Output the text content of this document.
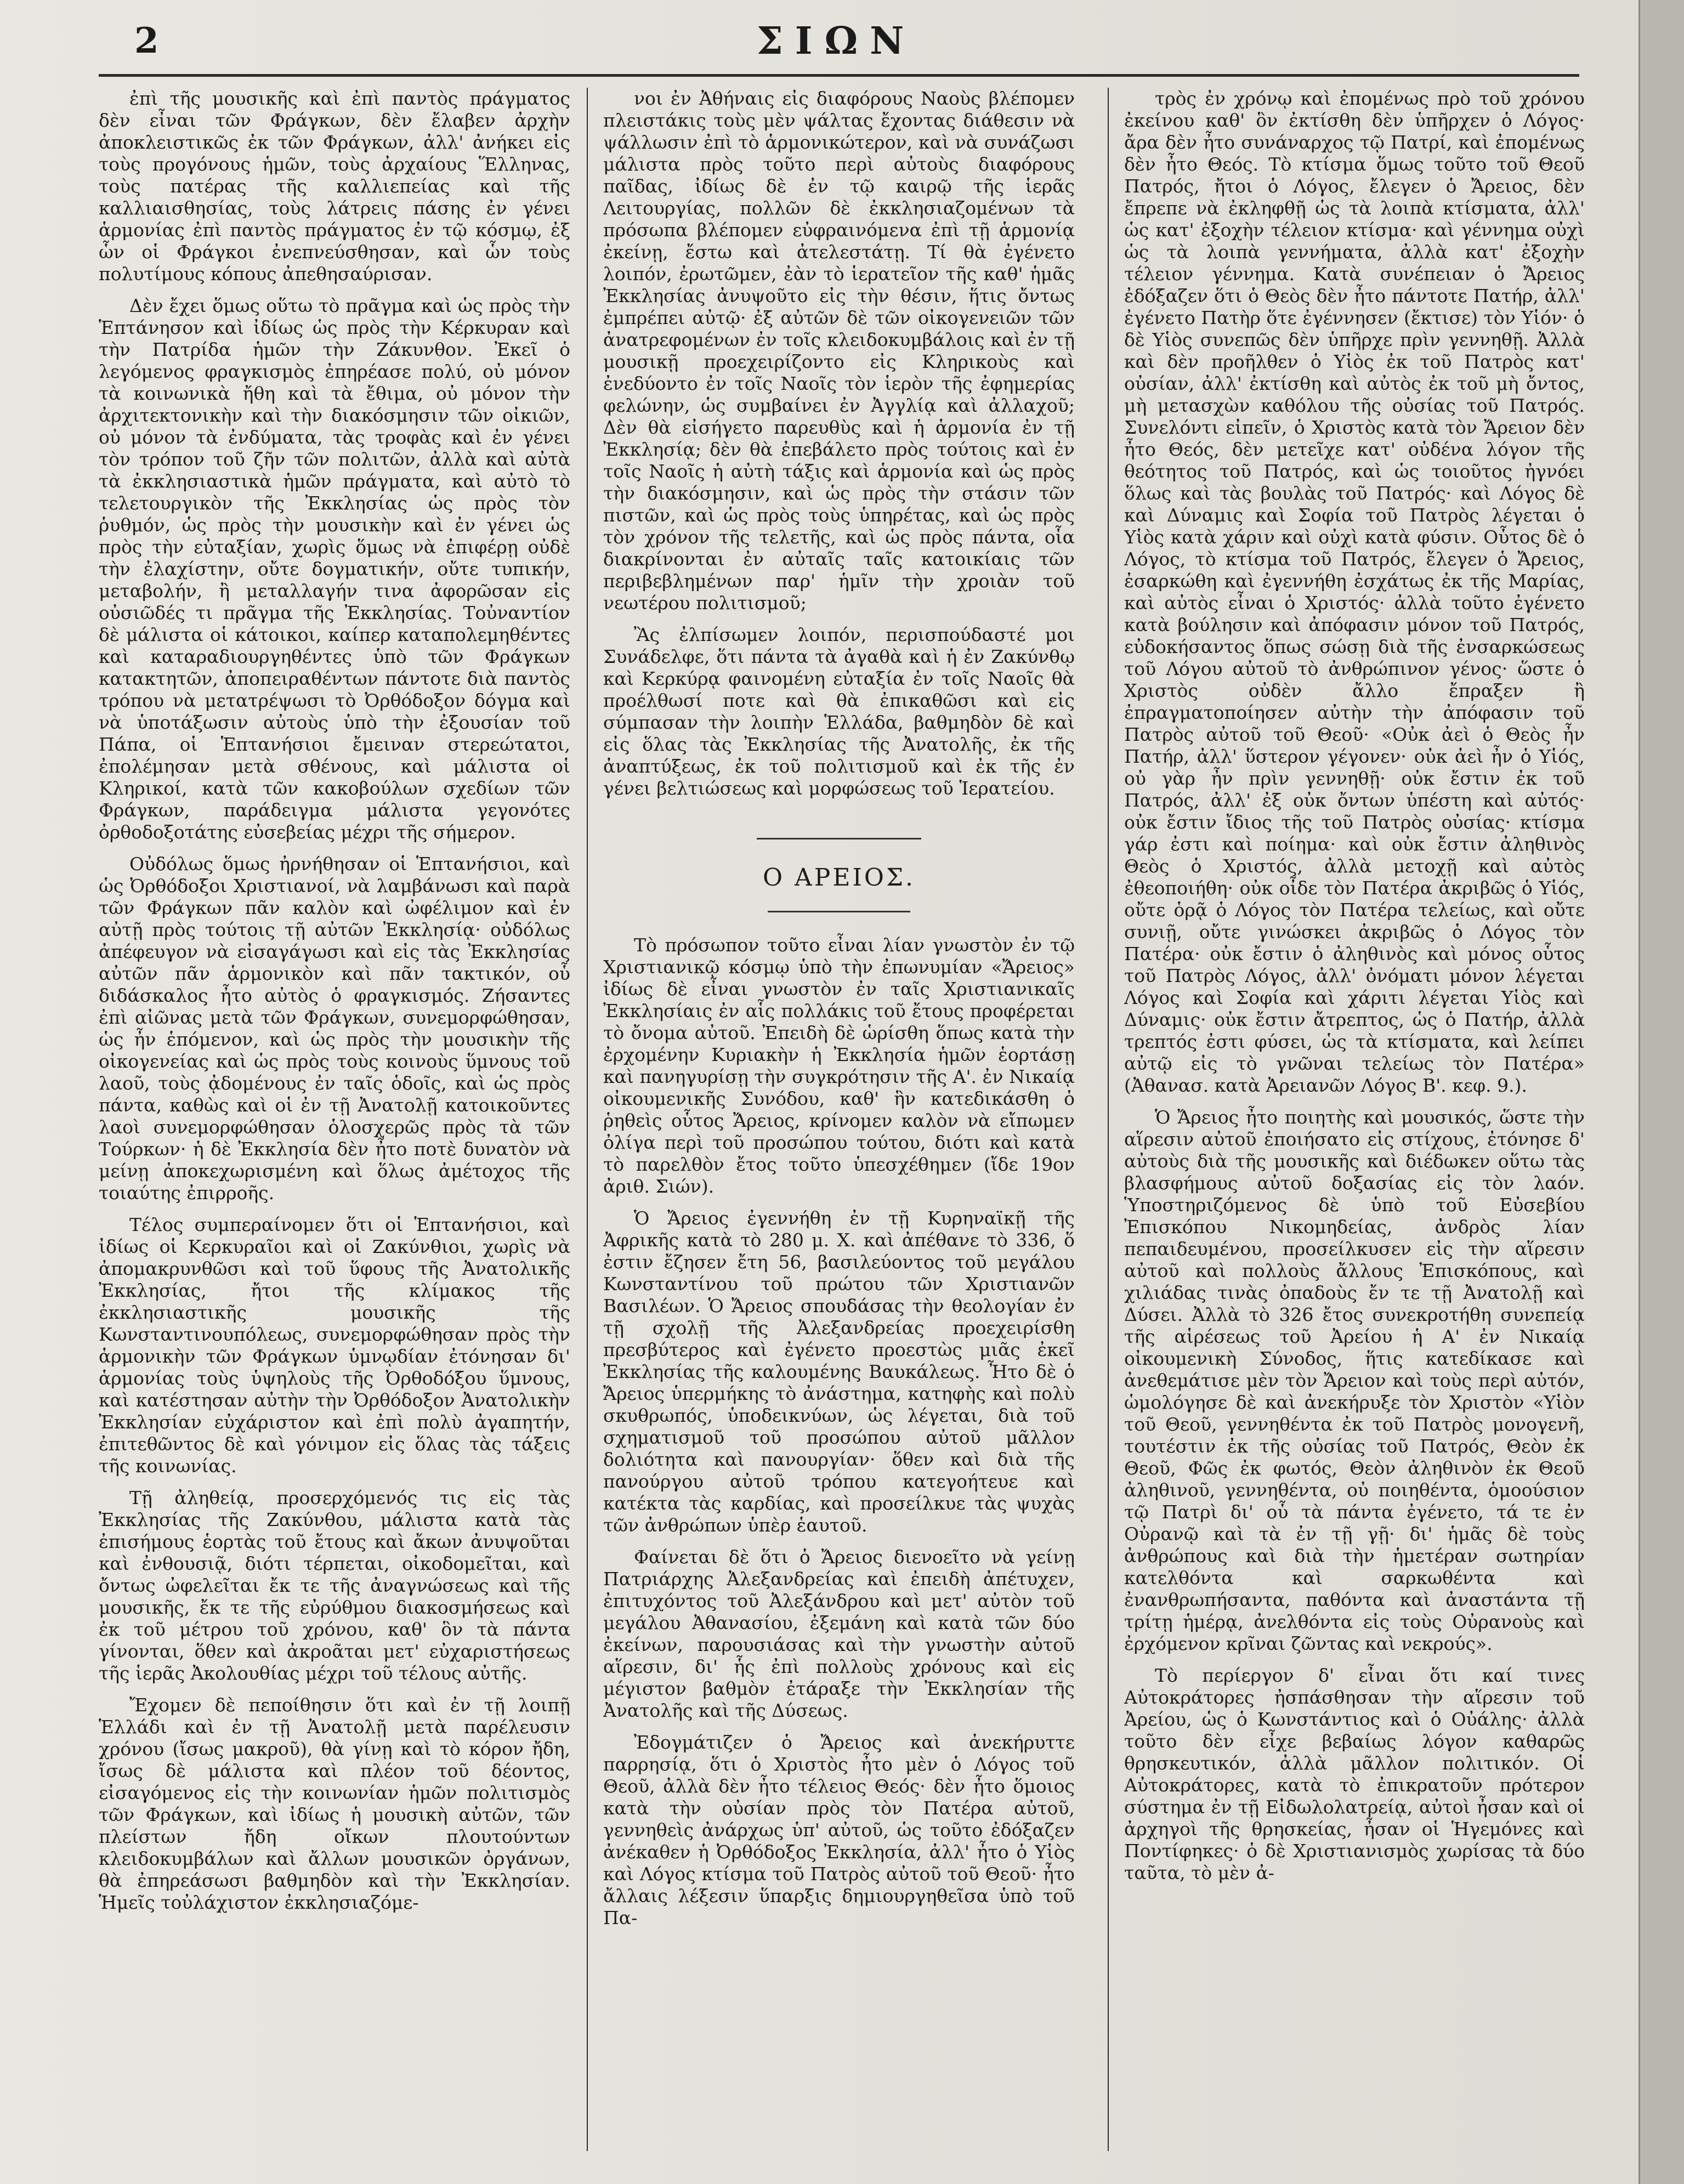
2	ΣΙΩΝ

ἐπὶ τῆς μουσικῆς καὶ ἐπὶ παντὸς πράγματος δὲν εἶναι τῶν Φράγκων, δὲν ἔλαβεν ἀρχὴν ἀποκλειστικῶς ἐκ τῶν Φράγκων, ἀλλ' ἀνήκει εἰς τοὺς προγόνους ἡμῶν, τοὺς ἀρχαίους Ἕλληνας, τοὺς πατέρας τῆς καλλιεπείας καὶ τῆς καλλιαισθησίας, τοὺς λάτρεις πάσης ἐν γένει ἁρμονίας ἐπὶ παντὸς πράγματος ἐν τῷ κόσμῳ, ἐξ ὧν οἱ Φράγκοι ἐνεπνεύσθησαν, καὶ ὧν τοὺς πολυτίμους κόπους ἀπεθησαύρισαν.

Δὲν ἔχει ὅμως οὕτω τὸ πρᾶγμα καὶ ὡς πρὸς τὴν Ἑπτάνησον καὶ ἰδίως ὡς πρὸς τὴν Κέρκυραν καὶ τὴν Πατρίδα ἡμῶν τὴν Ζάκυνθον. Ἐκεῖ ὁ λεγόμενος φραγκισμὸς ἐπηρέασε πολύ, οὐ μόνον τὰ κοινωνικὰ ἤθη καὶ τὰ ἔθιμα, οὐ μόνον τὴν ἀρχιτεκτονικὴν καὶ τὴν διακόσμησιν τῶν οἰκιῶν, οὐ μόνον τὰ ἐνδύματα, τὰς τροφὰς καὶ ἐν γένει τὸν τρόπον τοῦ ζῆν τῶν πολιτῶν, ἀλλὰ καὶ αὐτὰ τὰ ἐκκλησιαστικὰ ἡμῶν πράγματα, καὶ αὐτὸ τὸ τελετουργικὸν τῆς Ἐκκλησίας ὡς πρὸς τὸν ῥυθμόν, ὡς πρὸς τὴν μουσικὴν καὶ ἐν γένει ὡς πρὸς τὴν εὐταξίαν, χωρὶς ὅμως νὰ ἐπιφέρῃ οὐδὲ τὴν ἐλαχίστην, οὔτε δογματικήν, οὔτε τυπικήν, μεταβολήν, ἢ μεταλλαγήν τινα ἀφορῶσαν εἰς οὐσιῶδές τι πρᾶγμα τῆς Ἐκκλησίας. Τοὐναντίον δὲ μάλιστα οἱ κάτοικοι, καίπερ καταπολεμηθέντες καὶ καταραδιουργηθέντες ὑπὸ τῶν Φράγκων κατακτητῶν, ἀποπειραθέντων πάντοτε διὰ παντὸς τρόπου νὰ μετατρέψωσι τὸ Ὀρθόδοξον δόγμα καὶ νὰ ὑποτάξωσιν αὐτοὺς ὑπὸ τὴν ἐξουσίαν τοῦ Πάπα, οἱ Ἑπτανήσιοι ἔμειναν στερεώτατοι, ἐπολέμησαν μετὰ σθένους, καὶ μάλιστα οἱ Κληρικοί, κατὰ τῶν κακοβούλων σχεδίων τῶν Φράγκων, παράδειγμα μάλιστα γεγονότες ὀρθοδοξοτάτης εὐσεβείας μέχρι τῆς σήμερον.

Οὐδόλως ὅμως ἠρνήθησαν οἱ Ἑπτανήσιοι, καὶ ὡς Ὀρθόδοξοι Χριστιανοί, νὰ λαμβάνωσι καὶ παρὰ τῶν Φράγκων πᾶν καλὸν καὶ ὠφέλιμον καὶ ἐν αὐτῇ πρὸς τούτοις τῇ αὐτῶν Ἐκκλησίᾳ· οὐδόλως ἀπέφευγον νὰ εἰσαγάγωσι καὶ εἰς τὰς Ἐκκλησίας αὐτῶν πᾶν ἁρμονικὸν καὶ πᾶν τακτικόν, οὗ διδάσκαλος ἦτο αὐτὸς ὁ φραγκισμός. Ζήσαντες ἐπὶ αἰῶνας μετὰ τῶν Φράγκων, συνεμορφώθησαν, ὡς ἦν ἑπόμενον, καὶ ὡς πρὸς τὴν μουσικὴν τῆς οἰκογενείας καὶ ὡς πρὸς τοὺς κοινοὺς ὕμνους τοῦ λαοῦ, τοὺς ᾀδομένους ἐν ταῖς ὁδοῖς, καὶ ὡς πρὸς πάντα, καθὼς καὶ οἱ ἐν τῇ Ἀνατολῇ κατοικοῦντες λαοὶ συνεμορφώθησαν ὁλοσχερῶς πρὸς τὰ τῶν Τούρκων· ἡ δὲ Ἐκκλησία δὲν ἦτο ποτὲ δυνατὸν νὰ μείνῃ ἀποκεχωρισμένη καὶ ὅλως ἀμέτοχος τῆς τοιαύτης ἐπιρροῆς.

Τέλος συμπεραίνομεν ὅτι οἱ Ἑπτανήσιοι, καὶ ἰδίως οἱ Κερκυραῖοι καὶ οἱ Ζακύνθιοι, χωρὶς νὰ ἀπομακρυνθῶσι καὶ τοῦ ὕφους τῆς Ἀνατολικῆς Ἐκκλησίας, ἤτοι τῆς κλίμακος τῆς ἐκκλησιαστικῆς μουσικῆς τῆς Κωνσταντινουπόλεως, συνεμορφώθησαν πρὸς τὴν ἁρμονικὴν τῶν Φράγκων ὑμνῳδίαν ἐτόνησαν δι' ἁρμονίας τοὺς ὑψηλοὺς τῆς Ὀρθοδόξου ὕμνους, καὶ κατέστησαν αὐτὴν τὴν Ὀρθόδοξον Ἀνατολικὴν Ἐκκλησίαν εὐχάριστον καὶ ἐπὶ πολὺ ἀγαπητήν, ἐπιτεθῶντος δὲ καὶ γόνιμον εἰς ὅλας τὰς τάξεις τῆς κοινωνίας.

Τῇ ἀληθείᾳ, προσερχόμενός τις εἰς τὰς Ἐκκλησίας τῆς Ζακύνθου, μάλιστα κατὰ τὰς ἐπισήμους ἑορτὰς τοῦ ἔτους καὶ ἄκων ἀνυψοῦται καὶ ἐνθουσιᾷ, διότι τέρπεται, οἰκοδομεῖται, καὶ ὄντως ὠφελεῖται ἔκ τε τῆς ἀναγνώσεως καὶ τῆς μουσικῆς, ἔκ τε τῆς εὐρύθμου διακοσμήσεως καὶ ἐκ τοῦ μέτρου τοῦ χρόνου, καθ' ὃν τὰ πάντα γίνονται, ὅθεν καὶ ἀκροᾶται μετ' εὐχαριστήσεως τῆς ἱερᾶς Ἀκολουθίας μέχρι τοῦ τέλους αὐτῆς.

Ἔχομεν δὲ πεποίθησιν ὅτι καὶ ἐν τῇ λοιπῇ Ἑλλάδι καὶ ἐν τῇ Ἀνατολῇ μετὰ παρέλευσιν χρόνου (ἴσως μακροῦ), θὰ γίνῃ καὶ τὸ κόρον ἤδη, ἴσως δὲ μάλιστα καὶ πλέον τοῦ δέοντος, εἰσαγόμενος εἰς τὴν κοινωνίαν ἡμῶν πολιτισμὸς τῶν Φράγκων, καὶ ἰδίως ἡ μουσικὴ αὐτῶν, τῶν πλείστων ἤδη οἴκων πλουτούντων κλειδοκυμβάλων καὶ ἄλλων μουσικῶν ὀργάνων, θὰ ἐπηρεάσωσι βαθμηδὸν καὶ τὴν Ἐκκλησίαν. Ἡμεῖς τοὐλάχιστον ἐκκλησιαζόμε-

νοι ἐν Ἀθήναις εἰς διαφόρους Ναοὺς βλέπομεν πλειστάκις τοὺς μὲν ψάλτας ἔχοντας διάθεσιν νὰ ψάλλωσιν ἐπὶ τὸ ἁρμονικώτερον, καὶ νὰ συνάζωσι μάλιστα πρὸς τοῦτο περὶ αὐτοὺς διαφόρους παῖδας, ἰδίως δὲ ἐν τῷ καιρῷ τῆς ἱερᾶς Λειτουργίας, πολλῶν δὲ ἐκκλησιαζομένων τὰ πρόσωπα βλέπομεν εὐφραινόμενα ἐπὶ τῇ ἁρμονίᾳ ἐκείνῃ, ἔστω καὶ ἀτελεστάτῃ. Τί θὰ ἐγένετο λοιπόν, ἐρωτῶμεν, ἐὰν τὸ ἱερατεῖον τῆς καθ' ἡμᾶς Ἐκκλησίας ἀνυψοῦτο εἰς τὴν θέσιν, ἥτις ὄντως ἐμπρέπει αὐτῷ· ἐξ αὐτῶν δὲ τῶν οἰκογενειῶν τῶν ἀνατρεφομένων ἐν τοῖς κλειδοκυμβάλοις καὶ ἐν τῇ μουσικῇ προεχειρίζοντο εἰς Κληρικοὺς καὶ ἐνεδύοντο ἐν τοῖς Ναοῖς τὸν ἱερὸν τῆς ἐφημερίας φελώνην, ὡς συμβαίνει ἐν Ἀγγλίᾳ καὶ ἀλλαχοῦ; Δὲν θὰ εἰσήγετο παρευθὺς καὶ ἡ ἁρμονία ἐν τῇ Ἐκκλησίᾳ; δὲν θὰ ἐπεβάλετο πρὸς τούτοις καὶ ἐν τοῖς Ναοῖς ἡ αὐτὴ τάξις καὶ ἁρμονία καὶ ὡς πρὸς τὴν διακόσμησιν, καὶ ὡς πρὸς τὴν στάσιν τῶν πιστῶν, καὶ ὡς πρὸς τοὺς ὑπηρέτας, καὶ ὡς πρὸς τὸν χρόνον τῆς τελετῆς, καὶ ὡς πρὸς πάντα, οἷα διακρίνονται ἐν αὐταῖς ταῖς κατοικίαις τῶν περιβεβλημένων παρ' ἡμῖν τὴν χροιὰν τοῦ νεωτέρου πολιτισμοῦ;

Ἂς ἐλπίσωμεν λοιπόν, περισπούδαστέ μοι Συνάδελφε, ὅτι πάντα τὰ ἀγαθὰ καὶ ἡ ἐν Ζακύνθῳ καὶ Κερκύρᾳ φαινομένη εὐταξία ἐν τοῖς Ναοῖς θὰ προέλθωσί ποτε καὶ θὰ ἐπικαθῶσι καὶ εἰς σύμπασαν τὴν λοιπὴν Ἑλλάδα, βαθμηδὸν δὲ καὶ εἰς ὅλας τὰς Ἐκκλησίας τῆς Ἀνατολῆς, ἐκ τῆς ἀναπτύξεως, ἐκ τοῦ πολιτισμοῦ καὶ ἐκ τῆς ἐν γένει βελτιώσεως καὶ μορφώσεως τοῦ Ἱερατείου.

Ο ΑΡΕΙΟΣ.

Τὸ πρόσωπον τοῦτο εἶναι λίαν γνωστὸν ἐν τῷ Χριστιανικῷ κόσμῳ ὑπὸ τὴν ἐπωνυμίαν «Ἄρειος» ἰδίως δὲ εἶναι γνωστὸν ἐν ταῖς Χριστιανικαῖς Ἐκκλησίαις ἐν αἷς πολλάκις τοῦ ἔτους προφέρεται τὸ ὄνομα αὐτοῦ. Ἐπειδὴ δὲ ὡρίσθη ὅπως κατὰ τὴν ἐρχομένην Κυριακὴν ἡ Ἐκκλησία ἡμῶν ἑορτάσῃ καὶ πανηγυρίσῃ τὴν συγκρότησιν τῆς Α'. ἐν Νικαίᾳ οἰκουμενικῆς Συνόδου, καθ' ἣν κατεδικάσθη ὁ ῥηθεὶς οὗτος Ἄρειος, κρίνομεν καλὸν νὰ εἴπωμεν ὀλίγα περὶ τοῦ προσώπου τούτου, διότι καὶ κατὰ τὸ παρελθὸν ἔτος τοῦτο ὑπεσχέθημεν (ἴδε 19ον ἀριθ. Σιών).

Ὁ Ἄρειος ἐγεννήθη ἐν τῇ Κυρηναϊκῇ τῆς Ἀφρικῆς κατὰ τὸ 280 μ. Χ. καὶ ἀπέθανε τὸ 336, ὅ ἐστιν ἔζησεν ἔτη 56, βασιλεύοντος τοῦ μεγάλου Κωνσταντίνου τοῦ πρώτου τῶν Χριστιανῶν Βασιλέων. Ὁ Ἄρειος σπουδάσας τὴν θεολογίαν ἐν τῇ σχολῇ τῆς Ἀλεξανδρείας προεχειρίσθη πρεσβύτερος καὶ ἐγένετο προεστὼς μιᾶς ἐκεῖ Ἐκκλησίας τῆς καλουμένης Βαυκάλεως. Ἦτο δὲ ὁ Ἄρειος ὑπερμήκης τὸ ἀνάστημα, κατηφὴς καὶ πολὺ σκυθρωπός, ὑποδεικνύων, ὡς λέγεται, διὰ τοῦ σχηματισμοῦ τοῦ προσώπου αὐτοῦ μᾶλλον δολιότητα καὶ πανουργίαν· ὅθεν καὶ διὰ τῆς πανούργου αὐτοῦ τρόπου κατεγοήτευε καὶ κατέκτα τὰς καρδίας, καὶ προσείλκυε τὰς ψυχὰς τῶν ἀνθρώπων ὑπὲρ ἑαυτοῦ.

Φαίνεται δὲ ὅτι ὁ Ἄρειος διενοεῖτο νὰ γείνῃ Πατριάρχης Ἀλεξανδρείας καὶ ἐπειδὴ ἀπέτυχεν, ἐπιτυχόντος τοῦ Ἀλεξάνδρου καὶ μετ' αὐτὸν τοῦ μεγάλου Ἀθανασίου, ἐξεμάνη καὶ κατὰ τῶν δύο ἐκείνων, παρουσιάσας καὶ τὴν γνωστὴν αὐτοῦ αἵρεσιν, δι' ἧς ἐπὶ πολλοὺς χρόνους καὶ εἰς μέγιστον βαθμὸν ἐτάραξε τὴν Ἐκκλησίαν τῆς Ἀνατολῆς καὶ τῆς Δύσεως.

Ἐδογμάτιζεν ὁ Ἄρειος καὶ ἀνεκήρυττε παρρησίᾳ, ὅτι ὁ Χριστὸς ἦτο μὲν ὁ Λόγος τοῦ Θεοῦ, ἀλλὰ δὲν ἦτο τέλειος Θεός· δὲν ἦτο ὅμοιος κατὰ τὴν οὐσίαν πρὸς τὸν Πατέρα αὐτοῦ, γεννηθεὶς ἀνάρχως ὑπ' αὐτοῦ, ὡς τοῦτο ἐδόξαζεν ἀνέκαθεν ἡ Ὀρθόδοξος Ἐκκλησία, ἀλλ' ἦτο ὁ Υἱὸς καὶ Λόγος κτίσμα τοῦ Πατρὸς αὐτοῦ τοῦ Θεοῦ· ἦτο ἄλλαις λέξεσιν ὕπαρξις δημιουργηθεῖσα ὑπὸ τοῦ Πα-

τρὸς ἐν χρόνῳ καὶ ἐπομένως πρὸ τοῦ χρόνου ἐκείνου καθ' ὃν ἐκτίσθη δὲν ὑπῆρχεν ὁ Λόγος· ἄρα δὲν ἦτο συνάναρχος τῷ Πατρί, καὶ ἐπομένως δὲν ἦτο Θεός. Τὸ κτίσμα ὅμως τοῦτο τοῦ Θεοῦ Πατρός, ἤτοι ὁ Λόγος, ἔλεγεν ὁ Ἄρειος, δὲν ἔπρεπε νὰ ἐκληφθῇ ὡς τὰ λοιπὰ κτίσματα, ἀλλ' ὡς κατ' ἐξοχὴν τέλειον κτίσμα· καὶ γέννημα οὐχὶ ὡς τὰ λοιπὰ γεννήματα, ἀλλὰ κατ' ἐξοχὴν τέλειον γέννημα. Κατὰ συνέπειαν ὁ Ἄρειος ἐδόξαζεν ὅτι ὁ Θεὸς δὲν ἦτο πάντοτε Πατήρ, ἀλλ' ἐγένετο Πατὴρ ὅτε ἐγέννησεν (ἔκτισε) τὸν Υἱόν· ὁ δὲ Υἱὸς συνεπῶς δὲν ὑπῆρχε πρὶν γεννηθῇ. Ἀλλὰ καὶ δὲν προῆλθεν ὁ Υἱὸς ἐκ τοῦ Πατρὸς κατ' οὐσίαν, ἀλλ' ἐκτίσθη καὶ αὐτὸς ἐκ τοῦ μὴ ὄντος, μὴ μετασχὼν καθόλου τῆς οὐσίας τοῦ Πατρός. Συνελόντι εἰπεῖν, ὁ Χριστὸς κατὰ τὸν Ἄρειον δὲν ἦτο Θεός, δὲν μετεῖχε κατ' οὐδένα λόγον τῆς θεότητος τοῦ Πατρός, καὶ ὡς τοιοῦτος ἠγνόει ὅλως καὶ τὰς βουλὰς τοῦ Πατρός· καὶ Λόγος δὲ καὶ Δύναμις καὶ Σοφία τοῦ Πατρὸς λέγεται ὁ Υἱὸς κατὰ χάριν καὶ οὐχὶ κατὰ φύσιν. Οὗτος δὲ ὁ Λόγος, τὸ κτίσμα τοῦ Πατρός, ἔλεγεν ὁ Ἄρειος, ἐσαρκώθη καὶ ἐγεννήθη ἐσχάτως ἐκ τῆς Μαρίας, καὶ αὐτὸς εἶναι ὁ Χριστός· ἀλλὰ τοῦτο ἐγένετο κατὰ βούλησιν καὶ ἀπόφασιν μόνον τοῦ Πατρός, εὐδοκήσαντος ὅπως σώσῃ διὰ τῆς ἐνσαρκώσεως τοῦ Λόγου αὐτοῦ τὸ ἀνθρώπινον γένος· ὥστε ὁ Χριστὸς οὐδὲν ἄλλο ἔπραξεν ἢ ἐπραγματοποίησεν αὐτὴν τὴν ἀπόφασιν τοῦ Πατρὸς αὐτοῦ τοῦ Θεοῦ· «Οὐκ ἀεὶ ὁ Θεὸς ἦν Πατήρ, ἀλλ' ὕστερον γέγονεν· οὐκ ἀεὶ ἦν ὁ Υἱός, οὐ γὰρ ἦν πρὶν γεννηθῇ· οὐκ ἔστιν ἐκ τοῦ Πατρός, ἀλλ' ἐξ οὐκ ὄντων ὑπέστη καὶ αὐτός· οὐκ ἔστιν ἴδιος τῆς τοῦ Πατρὸς οὐσίας· κτίσμα γάρ ἐστι καὶ ποίημα· καὶ οὐκ ἔστιν ἀληθινὸς Θεὸς ὁ Χριστός, ἀλλὰ μετοχῇ καὶ αὐτὸς ἐθεοποιήθη· οὐκ οἶδε τὸν Πατέρα ἀκριβῶς ὁ Υἱός, οὔτε ὁρᾷ ὁ Λόγος τὸν Πατέρα τελείως, καὶ οὔτε συνιῇ, οὔτε γινώσκει ἀκριβῶς ὁ Λόγος τὸν Πατέρα· οὐκ ἔστιν ὁ ἀληθινὸς καὶ μόνος οὗτος τοῦ Πατρὸς Λόγος, ἀλλ' ὀνόματι μόνον λέγεται Λόγος καὶ Σοφία καὶ χάριτι λέγεται Υἱὸς καὶ Δύναμις· οὐκ ἔστιν ἄτρεπτος, ὡς ὁ Πατήρ, ἀλλὰ τρεπτός ἐστι φύσει, ὡς τὰ κτίσματα, καὶ λείπει αὐτῷ εἰς τὸ γνῶναι τελείως τὸν Πατέρα» (Ἀθανασ. κατὰ Ἀρειανῶν Λόγος Β'. κεφ. 9.).

Ὁ Ἄρειος ἦτο ποιητὴς καὶ μουσικός, ὥστε τὴν αἵρεσιν αὐτοῦ ἐποιήσατο εἰς στίχους, ἐτόνησε δ' αὐτοὺς διὰ τῆς μουσικῆς καὶ διέδωκεν οὕτω τὰς βλασφήμους αὐτοῦ δοξασίας εἰς τὸν λαόν. Ὑποστηριζόμενος δὲ ὑπὸ τοῦ Εὐσεβίου Ἐπισκόπου Νικομηδείας, ἀνδρὸς λίαν πεπαιδευμένου, προσείλκυσεν εἰς τὴν αἵρεσιν αὐτοῦ καὶ πολλοὺς ἄλλους Ἐπισκόπους, καὶ χιλιάδας τινὰς ὀπαδοὺς ἔν τε τῇ Ἀνατολῇ καὶ Δύσει. Ἀλλὰ τὸ 326 ἔτος συνεκροτήθη συνεπείᾳ τῆς αἱρέσεως τοῦ Ἀρείου ἡ Α' ἐν Νικαίᾳ οἰκουμενικὴ Σύνοδος, ἥτις κατεδίκασε καὶ ἀνεθεμάτισε μὲν τὸν Ἄρειον καὶ τοὺς περὶ αὐτόν, ὡμολόγησε δὲ καὶ ἀνεκήρυξε τὸν Χριστὸν «Υἱὸν τοῦ Θεοῦ, γεννηθέντα ἐκ τοῦ Πατρὸς μονογενῆ, τουτέστιν ἐκ τῆς οὐσίας τοῦ Πατρός, Θεὸν ἐκ Θεοῦ, Φῶς ἐκ φωτός, Θεὸν ἀληθινὸν ἐκ Θεοῦ ἀληθινοῦ, γεννηθέντα, οὐ ποιηθέντα, ὁμοούσιον τῷ Πατρὶ δι' οὗ τὰ πάντα ἐγένετο, τά τε ἐν Οὐρανῷ καὶ τὰ ἐν τῇ γῇ· δι' ἡμᾶς δὲ τοὺς ἀνθρώπους καὶ διὰ τὴν ἡμετέραν σωτηρίαν κατελθόντα καὶ σαρκωθέντα καὶ ἐνανθρωπήσαντα, παθόντα καὶ ἀναστάντα τῇ τρίτῃ ἡμέρᾳ, ἀνελθόντα εἰς τοὺς Οὐρανοὺς καὶ ἐρχόμενον κρῖναι ζῶντας καὶ νεκρούς».

Τὸ περίεργον δ' εἶναι ὅτι καί τινες Αὐτοκράτορες ἠσπάσθησαν τὴν αἵρεσιν τοῦ Ἀρείου, ὡς ὁ Κωνστάντιος καὶ ὁ Οὐάλης· ἀλλὰ τοῦτο δὲν εἶχε βεβαίως λόγον καθαρῶς θρησκευτικόν, ἀλλὰ μᾶλλον πολιτικόν. Οἱ Αὐτοκράτορες, κατὰ τὸ ἐπικρατοῦν πρότερον σύστημα ἐν τῇ Εἰδωλολατρείᾳ, αὐτοὶ ἦσαν καὶ οἱ ἀρχηγοὶ τῆς θρησκείας, ἦσαν οἱ Ἡγεμόνες καὶ Ποντίφηκες· ὁ δὲ Χριστιανισμὸς χωρίσας τὰ δύο ταῦτα, τὸ μὲν ἀ-
